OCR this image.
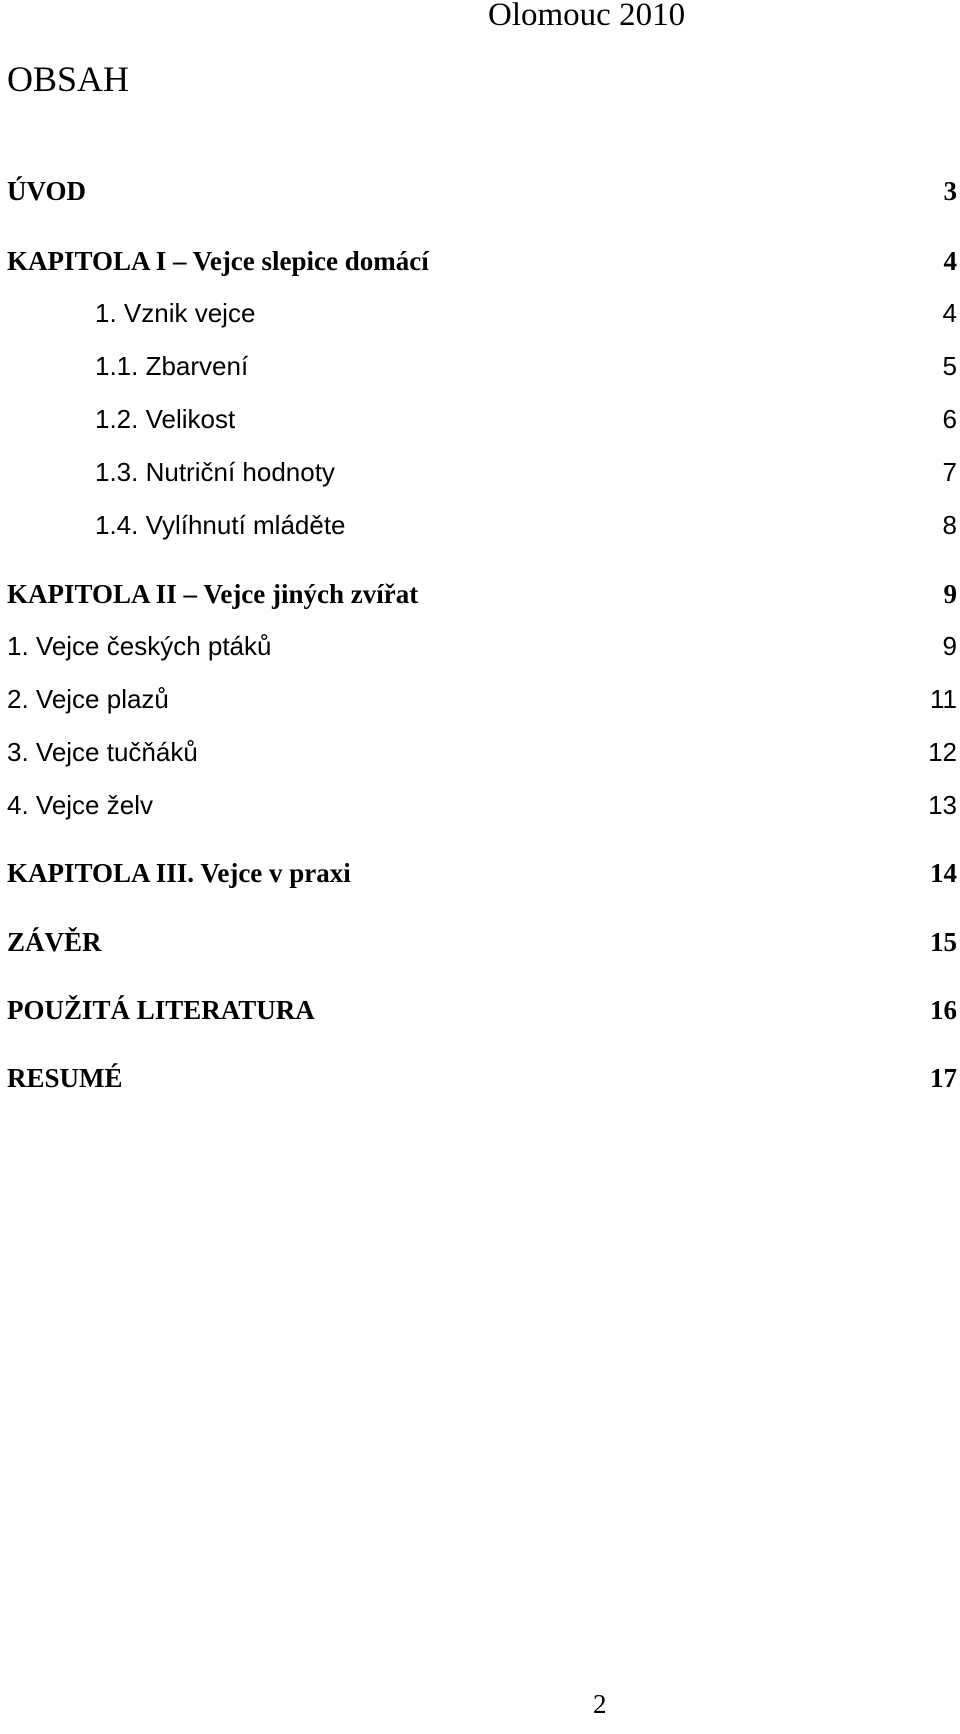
Olomouc 2010
OBSAH
ÚVOD	3
KAPITOLA I – Vejce slepice domácí	4
1. Vznik vejce	4
1.1. Zbarvení	5
1.2. Velikost	6
1.3. Nutriční hodnoty	7
1.4. Vylíhnutí mláděte	8
KAPITOLA II – Vejce jiných zvířat	9
1. Vejce českých ptáků	9
2. Vejce plazů	11
3. Vejce tučňáků	12
4. Vejce želv	13
KAPITOLA III. Vejce v praxi	14
ZÁVĚR	15
POUŽITÁ LITERATURA	16
RESUMÉ	17
2
